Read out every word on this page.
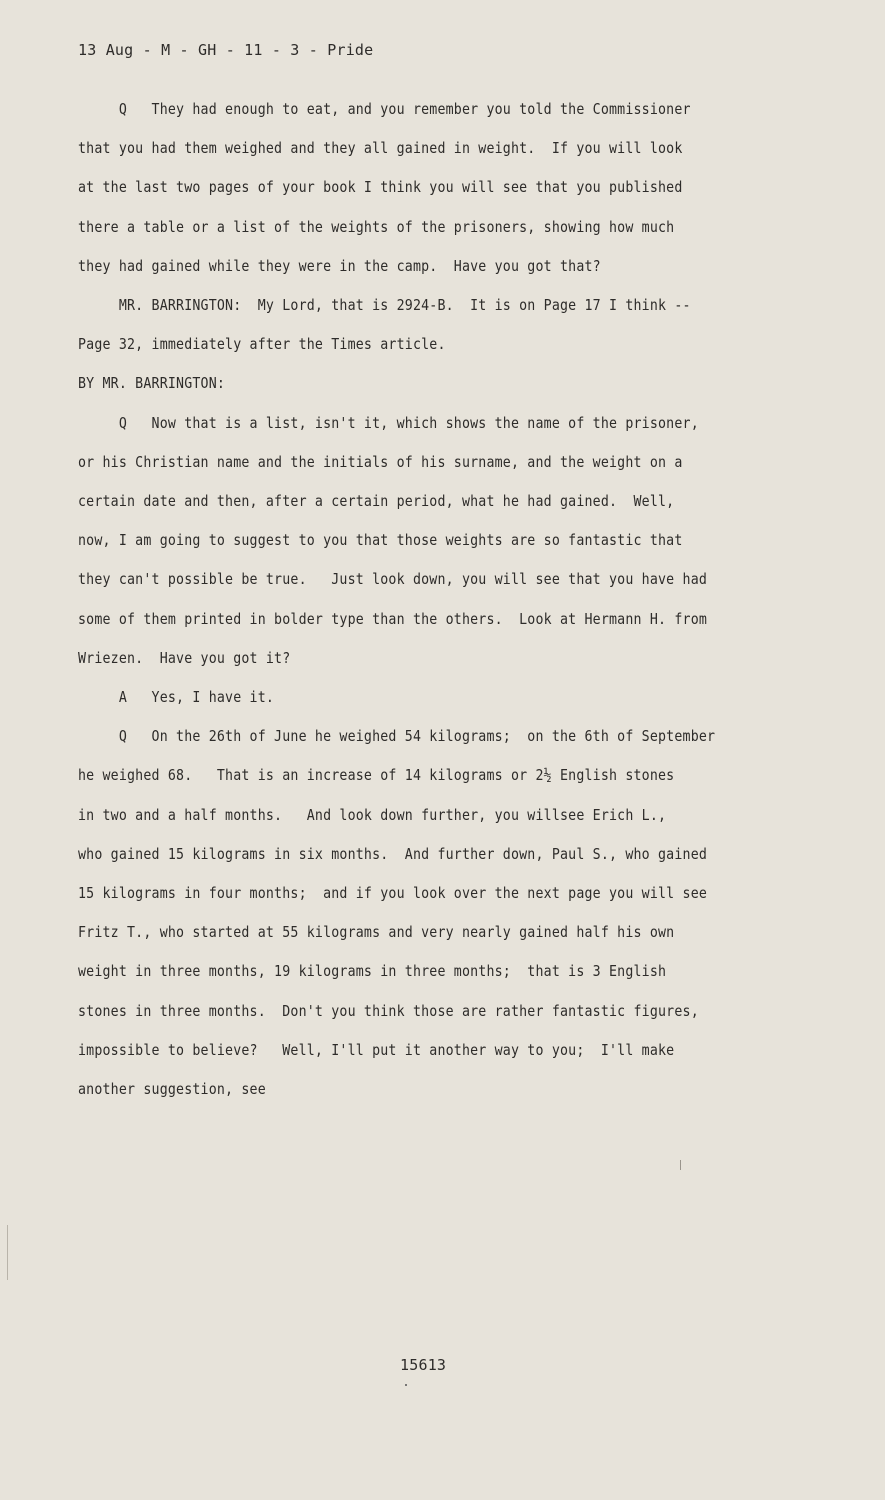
13 Aug - M - GH - 11 - 3 - Pride
Q   They had enough to eat, and you remember you told the Commissioner
that you had them weighed and they all gained in weight.  If you will look
at the last two pages of your book I think you will see that you published
there a table or a list of the weights of the prisoners, showing how much
they had gained while they were in the camp.  Have you got that?
MR. BARRINGTON:  My Lord, that is 2924-B.  It is on Page 17 I think --
Page 32, immediately after the Times article.
BY MR. BARRINGTON:
Q   Now that is a list, isn't it, which shows the name of the prisoner,
or his Christian name and the initials of his surname, and the weight on a
certain date and then, after a certain period, what he had gained.  Well,
now, I am going to suggest to you that those weights are so fantastic that
they can't possible be true.   Just look down, you will see that you have had
some of them printed in bolder type than the others.  Look at Hermann H. from
Wriezen.  Have you got it?
A   Yes, I have it.
Q   On the 26th of June he weighed 54 kilograms;  on the 6th of September
he weighed 68.   That is an increase of 14 kilograms or 2½ English stones
in two and a half months.   And look down further, you willsee Erich L.,
who gained 15 kilograms in six months.  And further down, Paul S., who gained
15 kilograms in four months;  and if you look over the next page you will see
Fritz T., who started at 55 kilograms and very nearly gained half his own
weight in three months, 19 kilograms in three months;  that is 3 English
stones in three months.  Don't you think those are rather fantastic figures,
impossible to believe?   Well, I'll put it another way to you;  I'll make
another suggestion, see
15613
